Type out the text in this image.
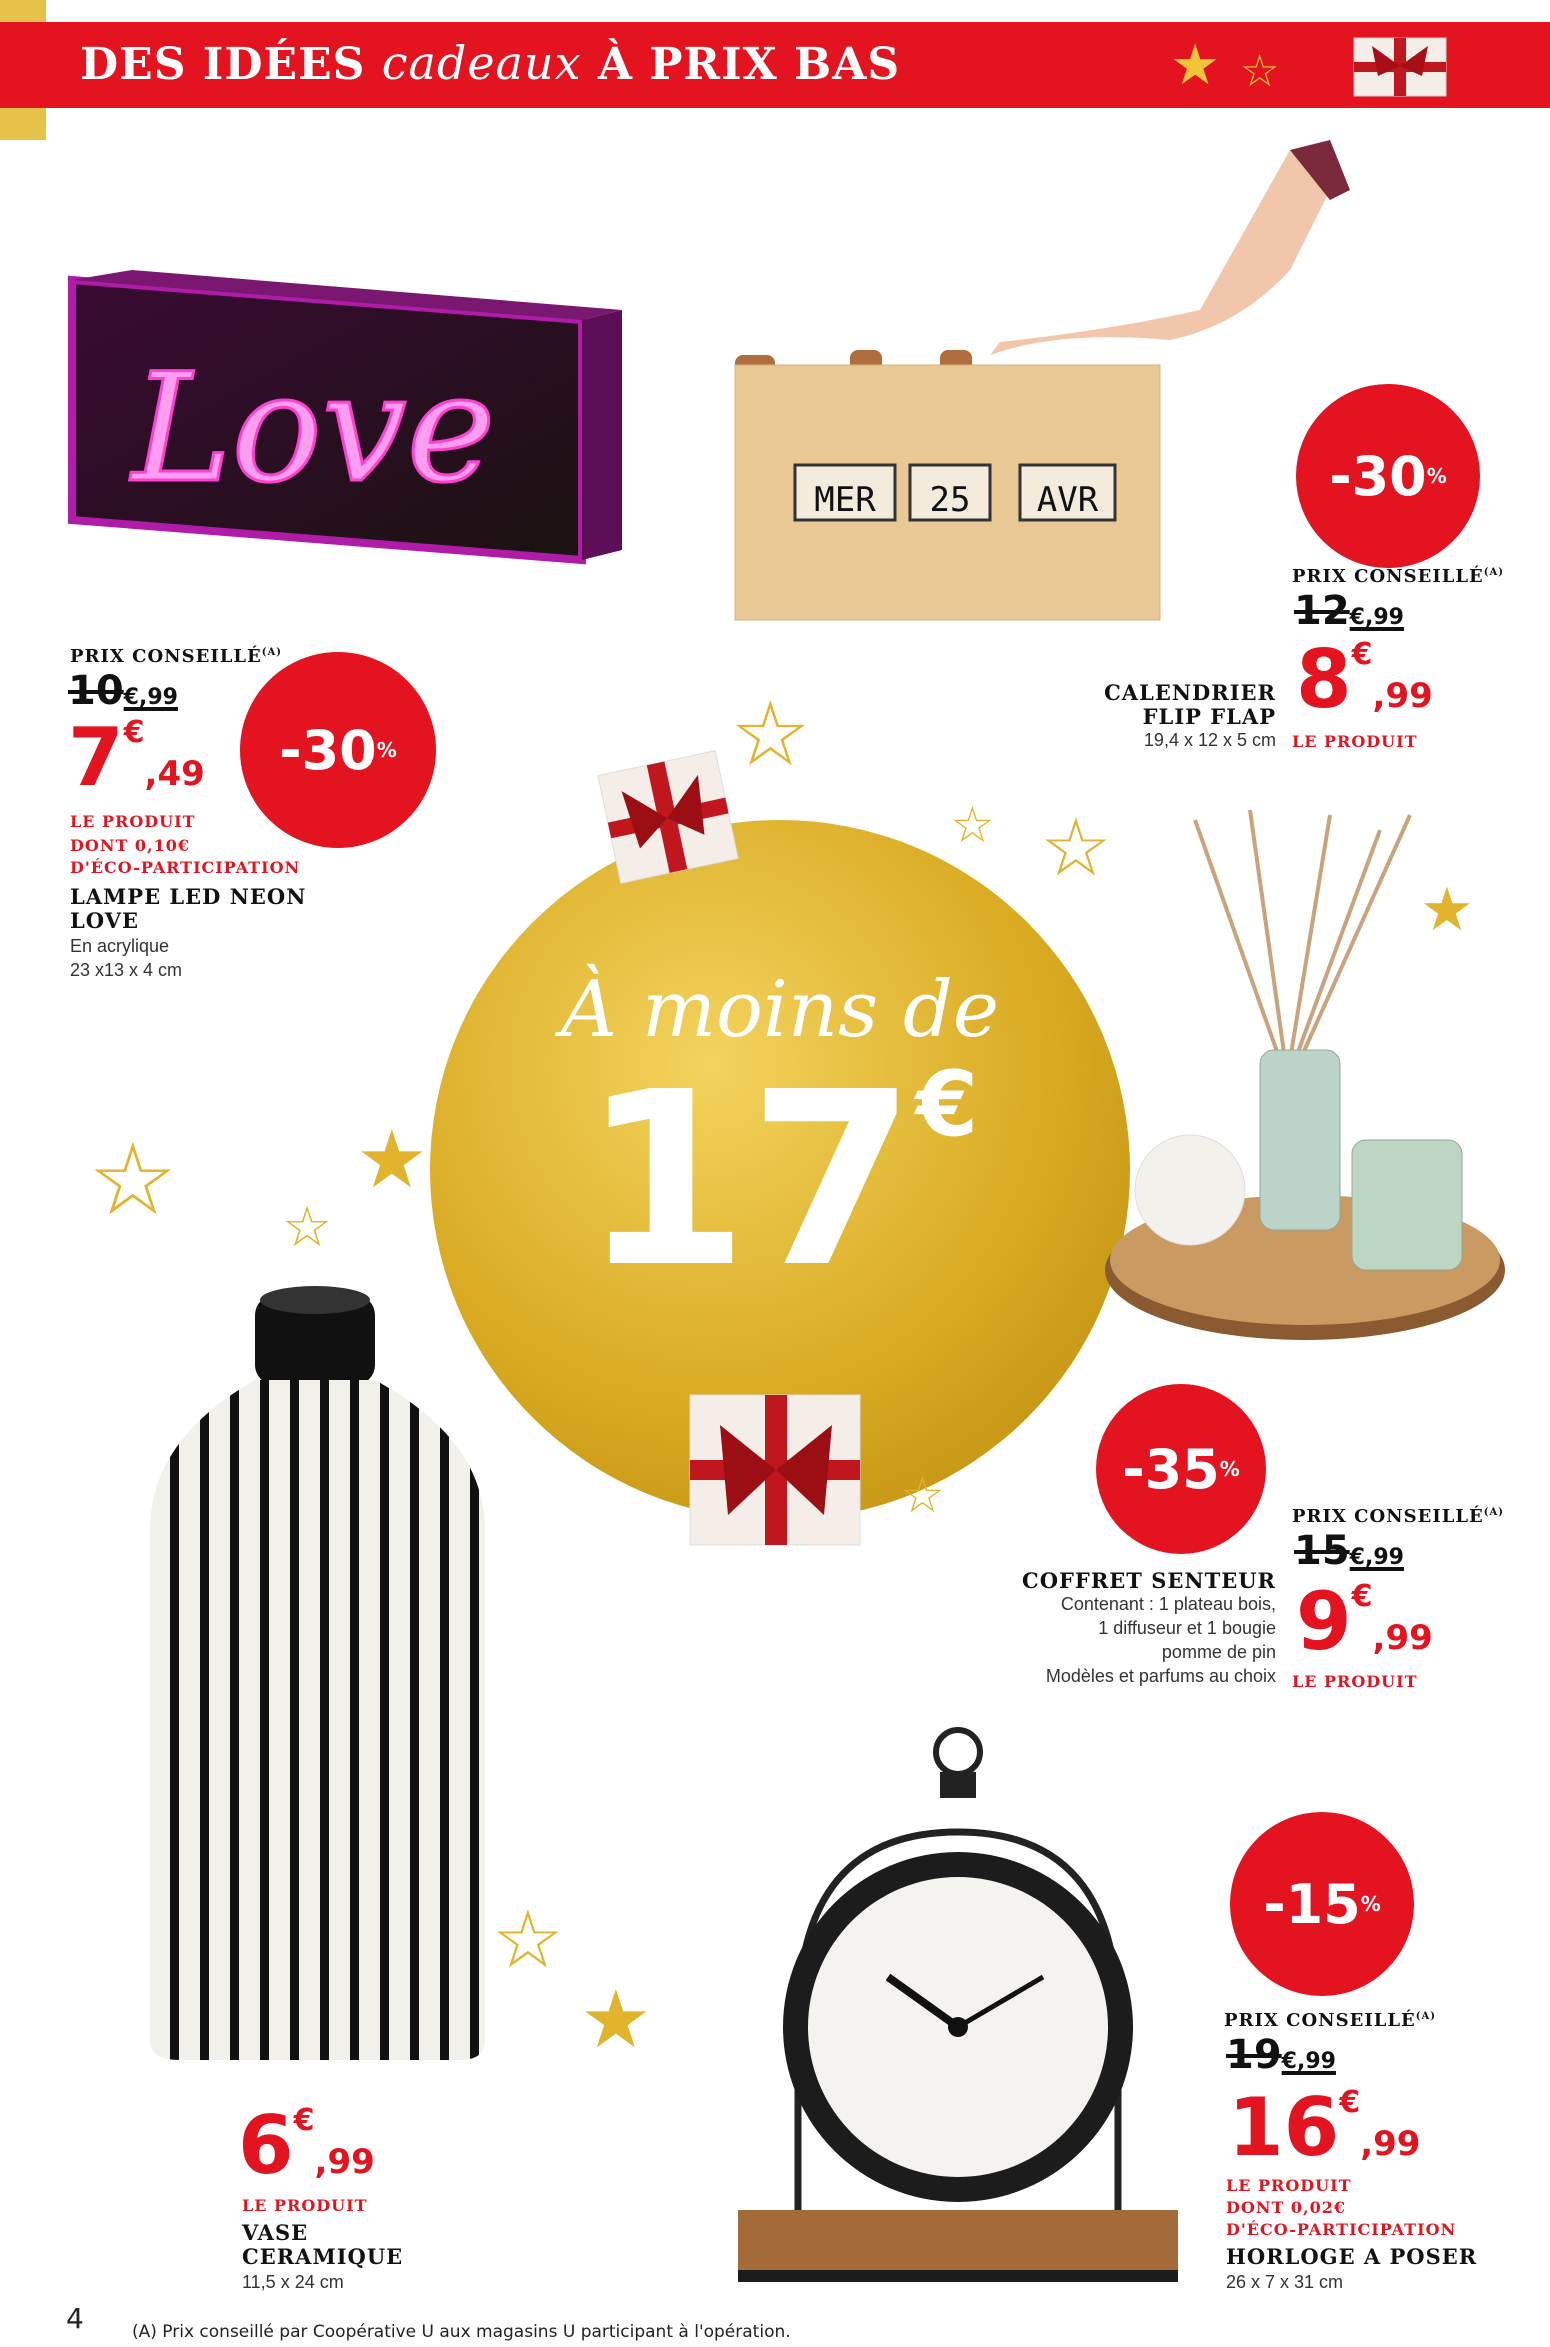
DES IDÉES cadeaux À PRIX BAS	★ ☆
Love
PRIX $CONSEILLÉ^{(A)}$
10€,99
7€,49
LE PRODUIT
DONT 0,10€
D'ÉCO-PARTICIPATION
LAMPE LED NEON
LOVE
En acrylique
23 x13 x 4 cm
-30 %
MER	25	AVR	-30 %
PRIX $CONSEILLÉ^{(A)}$
12€,99
8€,99
LE PRODUIT
CALENDRIER
FLIP FLAP
19,4 x 12 x 5 cm
À moins de
17€
☆
☆ ☆
★
☆ ☆
★
☆
☆
★
-35 %
PRIX $CONSEILLÉ^{(A)}$
15€,99
9€,99
LE PRODUIT
COFFRET SENTEUR
Contenant : 1 plateau bois,
1 diffuseur et 1 bougie
pomme de pin
Modèles et parfums au choix
6€,99
LE PRODUIT
VASE
CERAMIQUE
11,5 x 24 cm
-15 %
PRIX $CONSEILLÉ^{(A)}$
19€,99
16€,99
LE PRODUIT
DONT 0,02€
D'ÉCO-PARTICIPATION
HORLOGE A POSER
26 x 7 x 31 cm
4	(A) Prix conseillé par Coopérative U aux magasins U participant à l'opération.
